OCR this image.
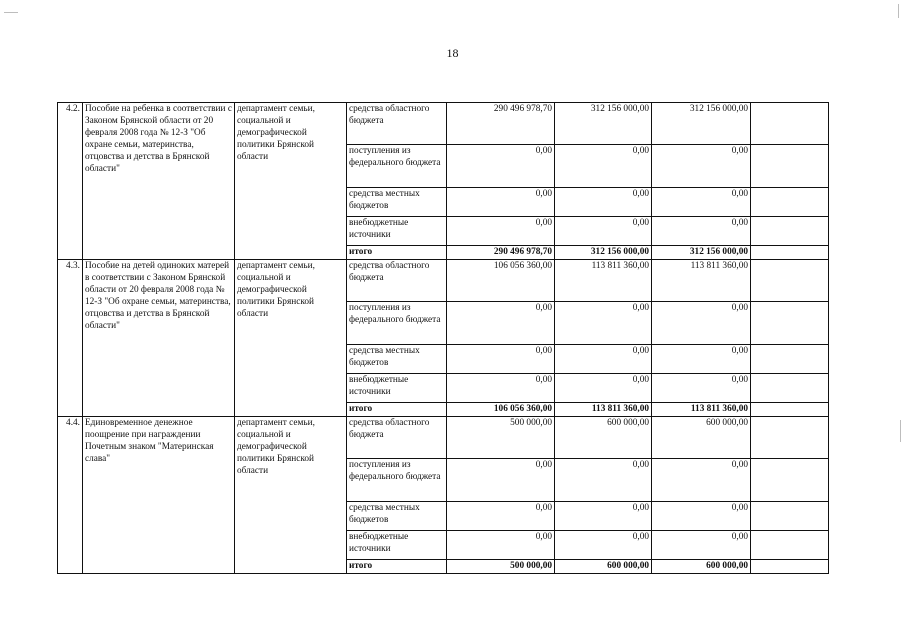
18
4.2.	Пособие на ребенка в соответствии с Законом Брянской области от 20 февраля 2008 года № 12-З "Об охране семьи, материнства, отцовства и детства в Брянской области"	департамент семьи, социальной и демографической политики Брянской области	средства областного бюджета	290 496 978,70	312 156 000,00	312 156 000,00	
			поступления из федерального бюджета	0,00	0,00	0,00	
			средства местных бюджетов	0,00	0,00	0,00	
			внебюджетные источники	0,00	0,00	0,00	
			итого	290 496 978,70	312 156 000,00	312 156 000,00	
4.3.	Пособие на детей одиноких матерей в соответствии с Законом Брянской области от 20 февраля 2008 года № 12-З "Об охране семьи, материнства, отцовства и детства в Брянской области"	департамент семьи, социальной и демографической политики Брянской области	средства областного бюджета	106 056 360,00	113 811 360,00	113 811 360,00	
			поступления из федерального бюджета	0,00	0,00	0,00	
			средства местных бюджетов	0,00	0,00	0,00	
			внебюджетные источники	0,00	0,00	0,00	
			итого	106 056 360,00	113 811 360,00	113 811 360,00	
4.4.	Единовременное денежное поощрение при награждении Почетным знаком "Материнская слава"	департамент семьи, социальной и демографической политики Брянской области	средства областного бюджета	500 000,00	600 000,00	600 000,00	
			поступления из федерального бюджета	0,00	0,00	0,00	
			средства местных бюджетов	0,00	0,00	0,00	
			внебюджетные источники	0,00	0,00	0,00	
			итого	500 000,00	600 000,00	600 000,00	
